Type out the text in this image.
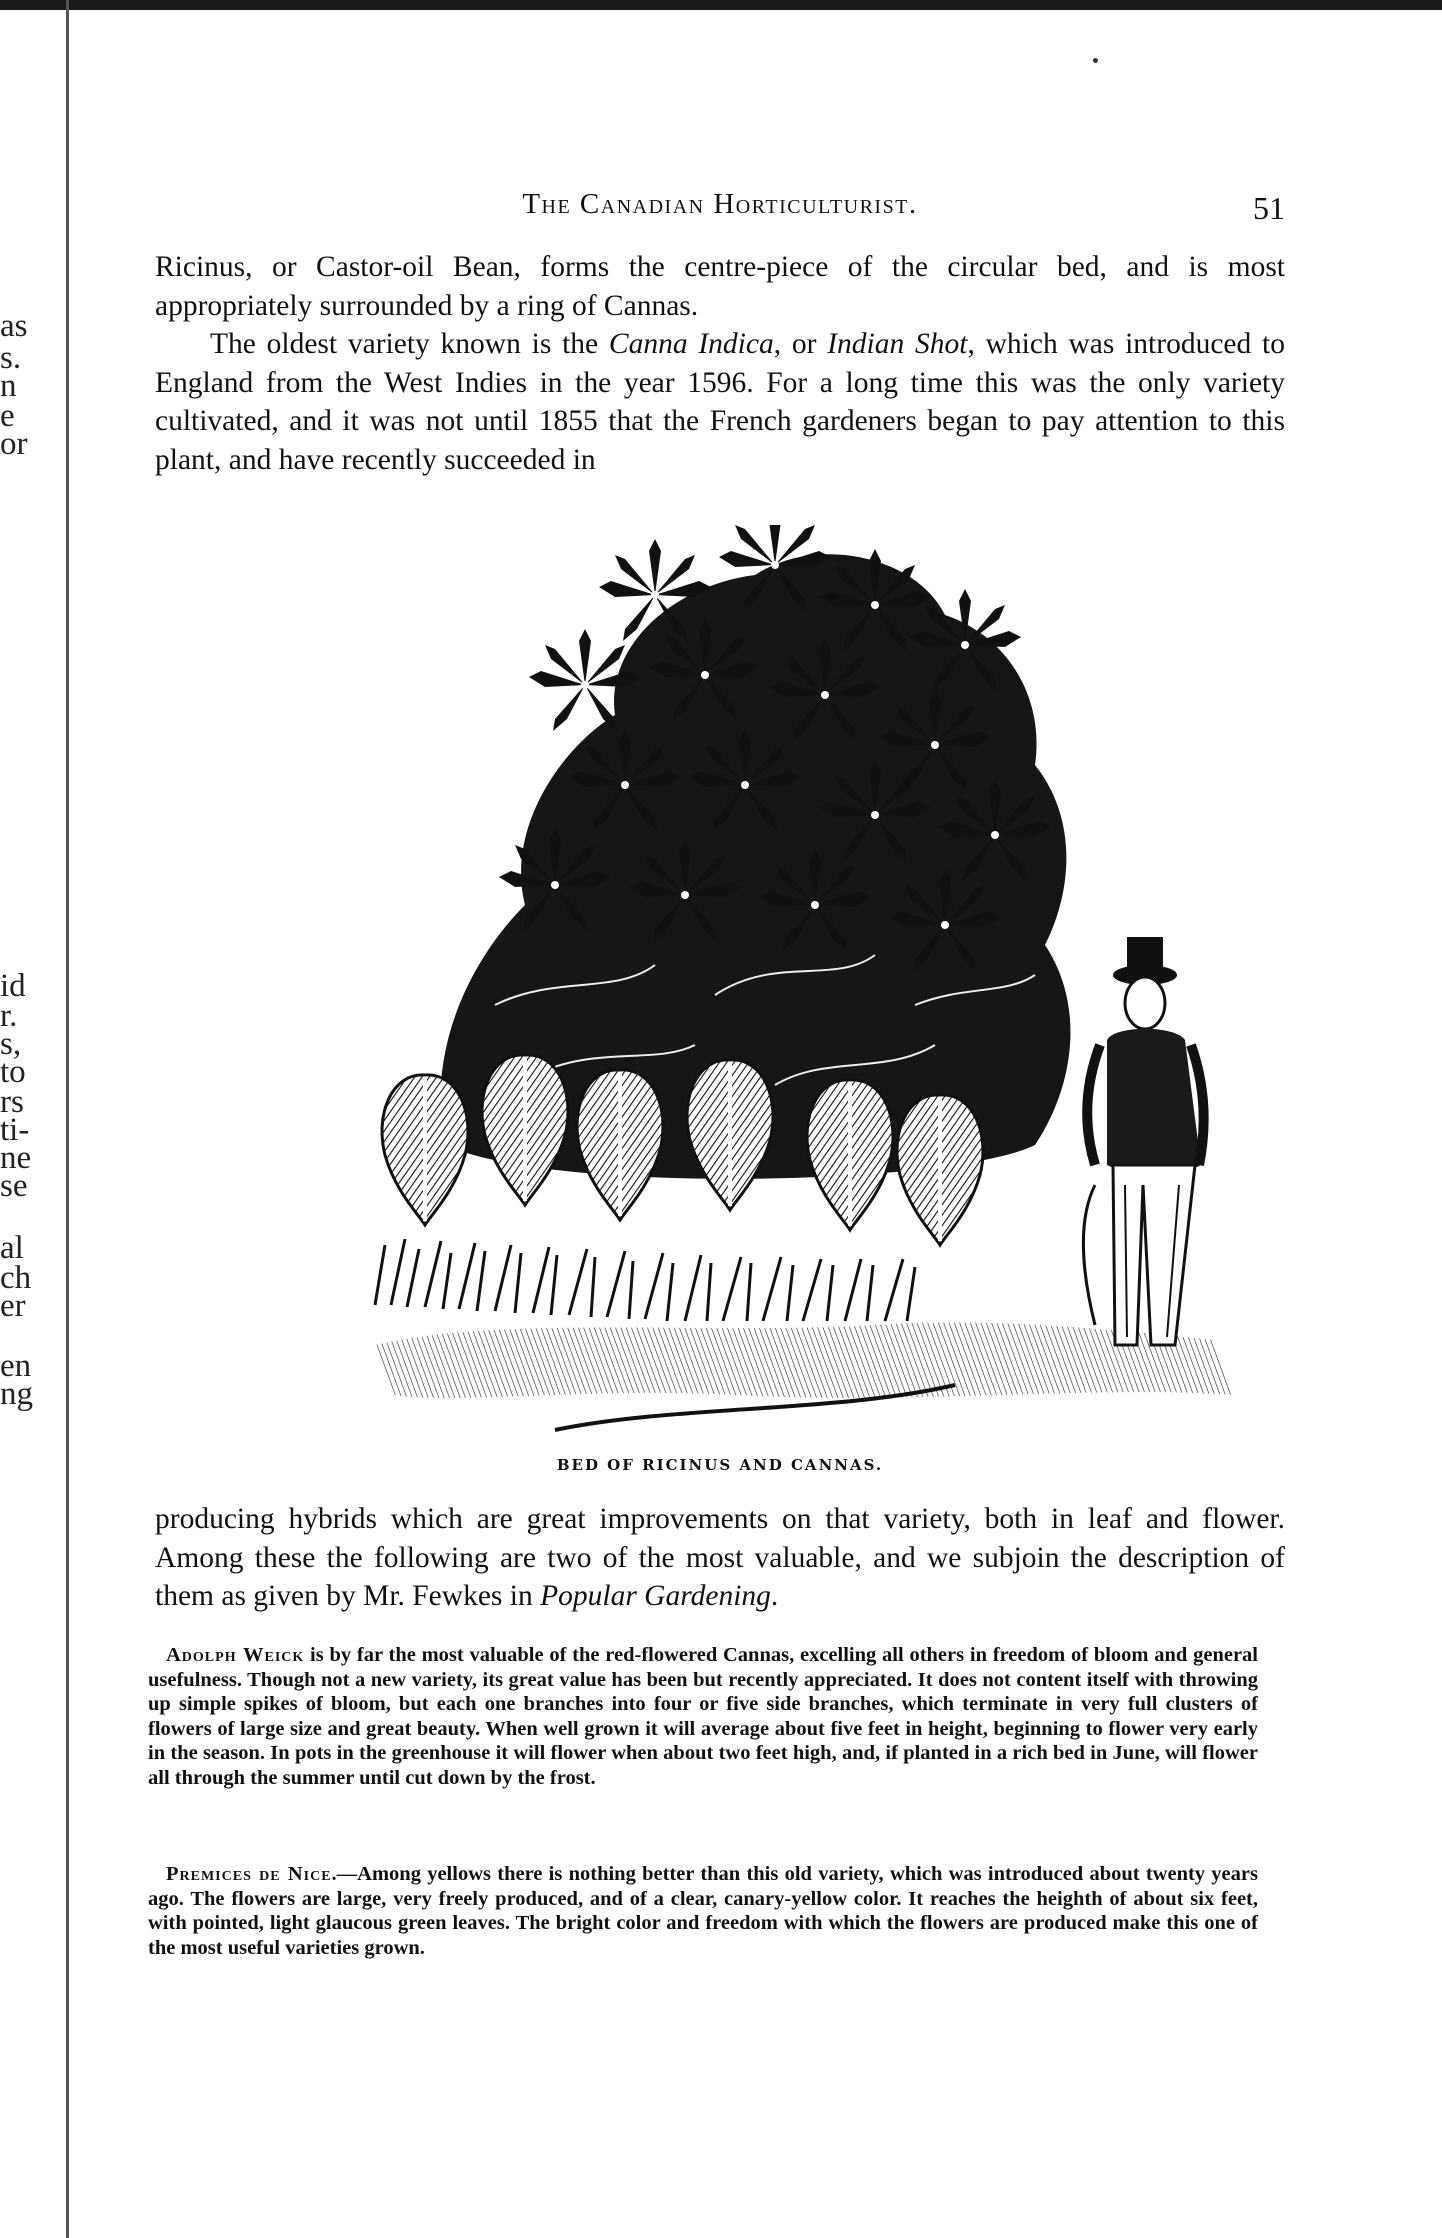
as
s.
n
e
or
id
r.
s,
to
rs
ti-
ne
se
al
ch
er
en
ng
The Canadian Horticulturist.	51

Ricinus, or Castor-oil Bean, forms the centre-piece of the circular bed, and is most appropriately surrounded by a ring of Cannas.

The oldest variety known is the Canna Indica, or Indian Shot, which was introduced to England from the West Indies in the year 1596. For a long time this was the only variety cultivated, and it was not until 1855 that the French gardeners began to pay attention to this plant, and have recently succeeded in

BED OF RICINUS AND CANNAS.

producing hybrids which are great improvements on that variety, both in leaf and flower. Among these the following are two of the most valuable, and we subjoin the description of them as given by Mr. Fewkes in Popular Gardening.

Adolph Weick is by far the most valuable of the red-flowered Cannas, excelling all others in freedom of bloom and general usefulness. Though not a new variety, its great value has been but recently appreciated. It does not content itself with throwing up simple spikes of bloom, but each one branches into four or five side branches, which terminate in very full clusters of flowers of large size and great beauty. When well grown it will average about five feet in height, beginning to flower very early in the season. In pots in the greenhouse it will flower when about two feet high, and, if planted in a rich bed in June, will flower all through the summer until cut down by the frost.

Premices de Nice.—Among yellows there is nothing better than this old variety, which was introduced about twenty years ago. The flowers are large, very freely produced, and of a clear, canary-yellow color. It reaches the heighth of about six feet, with pointed, light glaucous green leaves. The bright color and freedom with which the flowers are produced make this one of the most useful varieties grown.
